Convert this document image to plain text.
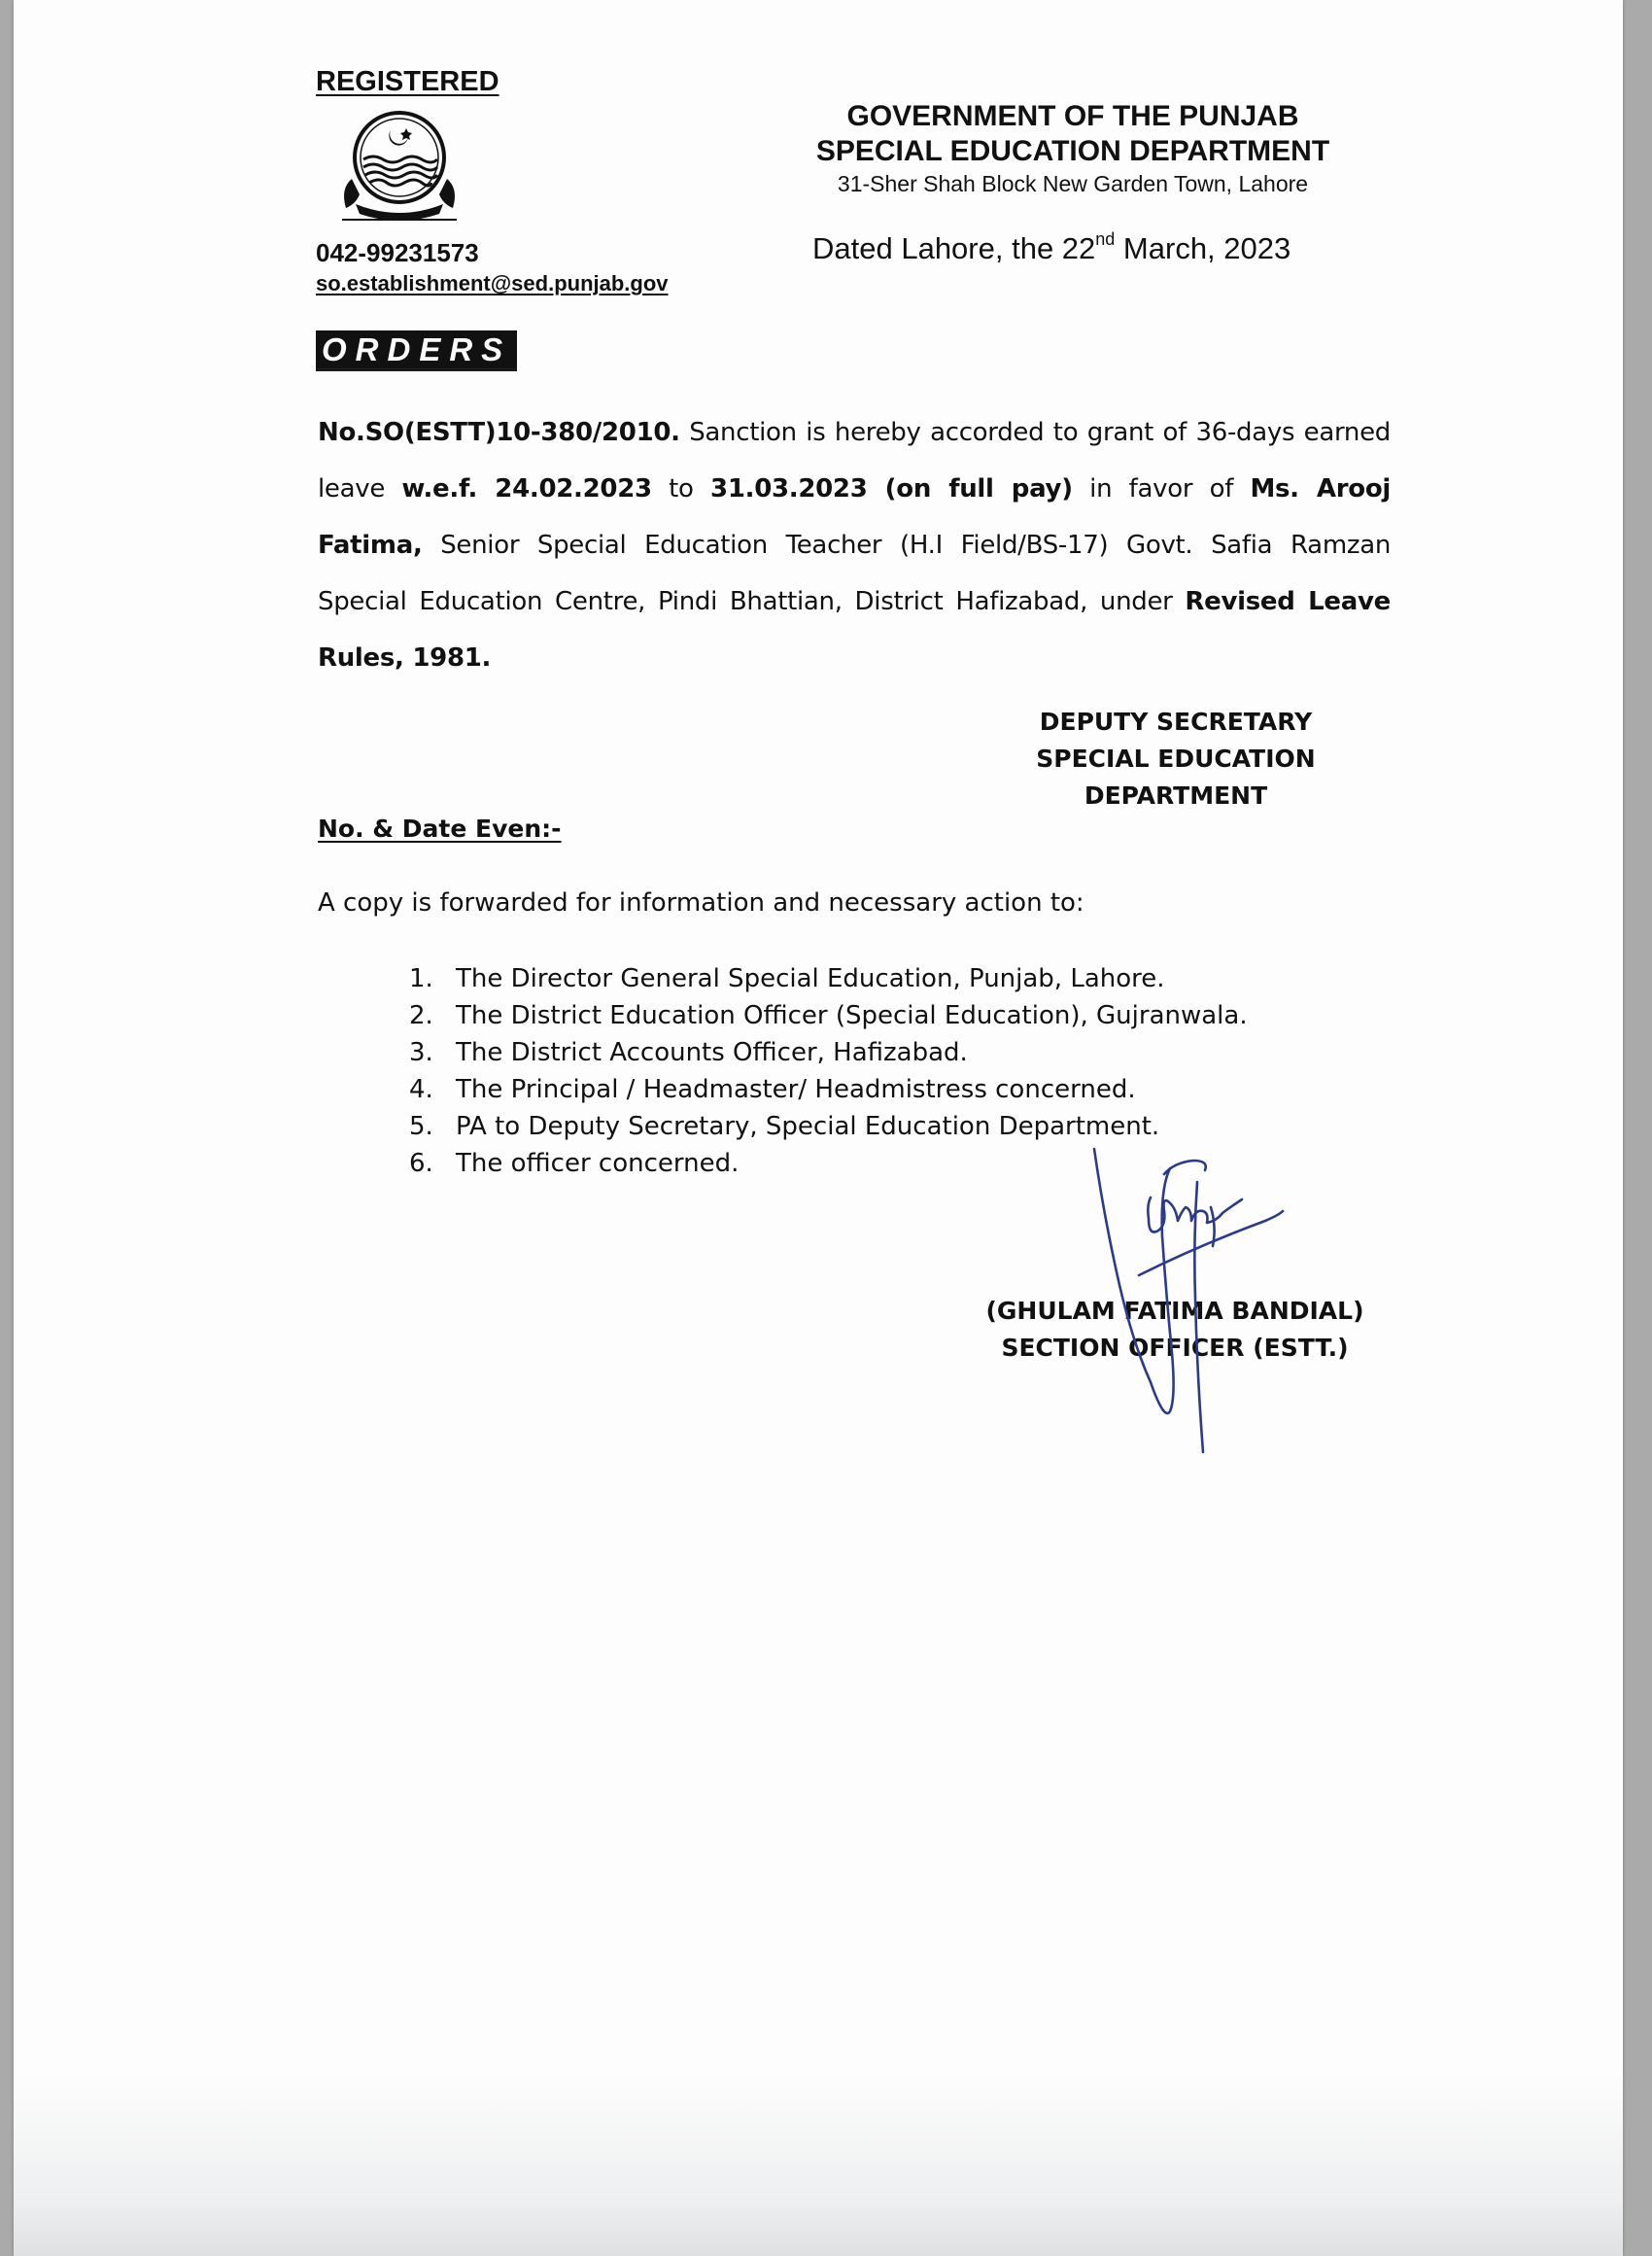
REGISTERED
042-99231573
so.establishment@sed.punjab.gov
GOVERNMENT OF THE PUNJAB
SPECIAL EDUCATION DEPARTMENT
31-Sher Shah Block New Garden Town, Lahore
Dated Lahore, the 22nd March, 2023
ORDERS
No.SO(ESTT)10-380/2010. Sanction is hereby accorded to grant of 36-days earned leave w.e.f. 24.02.2023 to 31.03.2023 (on full pay) in favor of Ms. Arooj Fatima, Senior Special Education Teacher (H.I Field/BS-17) Govt. Safia Ramzan Special Education Centre, Pindi Bhattian, District Hafizabad, under Revised Leave Rules, 1981.
DEPUTY SECRETARY
SPECIAL EDUCATION
DEPARTMENT
No. & Date Even:-
A copy is forwarded for information and necessary action to:
1. The Director General Special Education, Punjab, Lahore.
2. The District Education Officer (Special Education), Gujranwala.
3. The District Accounts Officer, Hafizabad.
4. The Principal / Headmaster/ Headmistress concerned.
5. PA to Deputy Secretary, Special Education Department.
6. The officer concerned.
(GHULAM FATIMA BANDIAL)
SECTION OFFICER (ESTT.)
